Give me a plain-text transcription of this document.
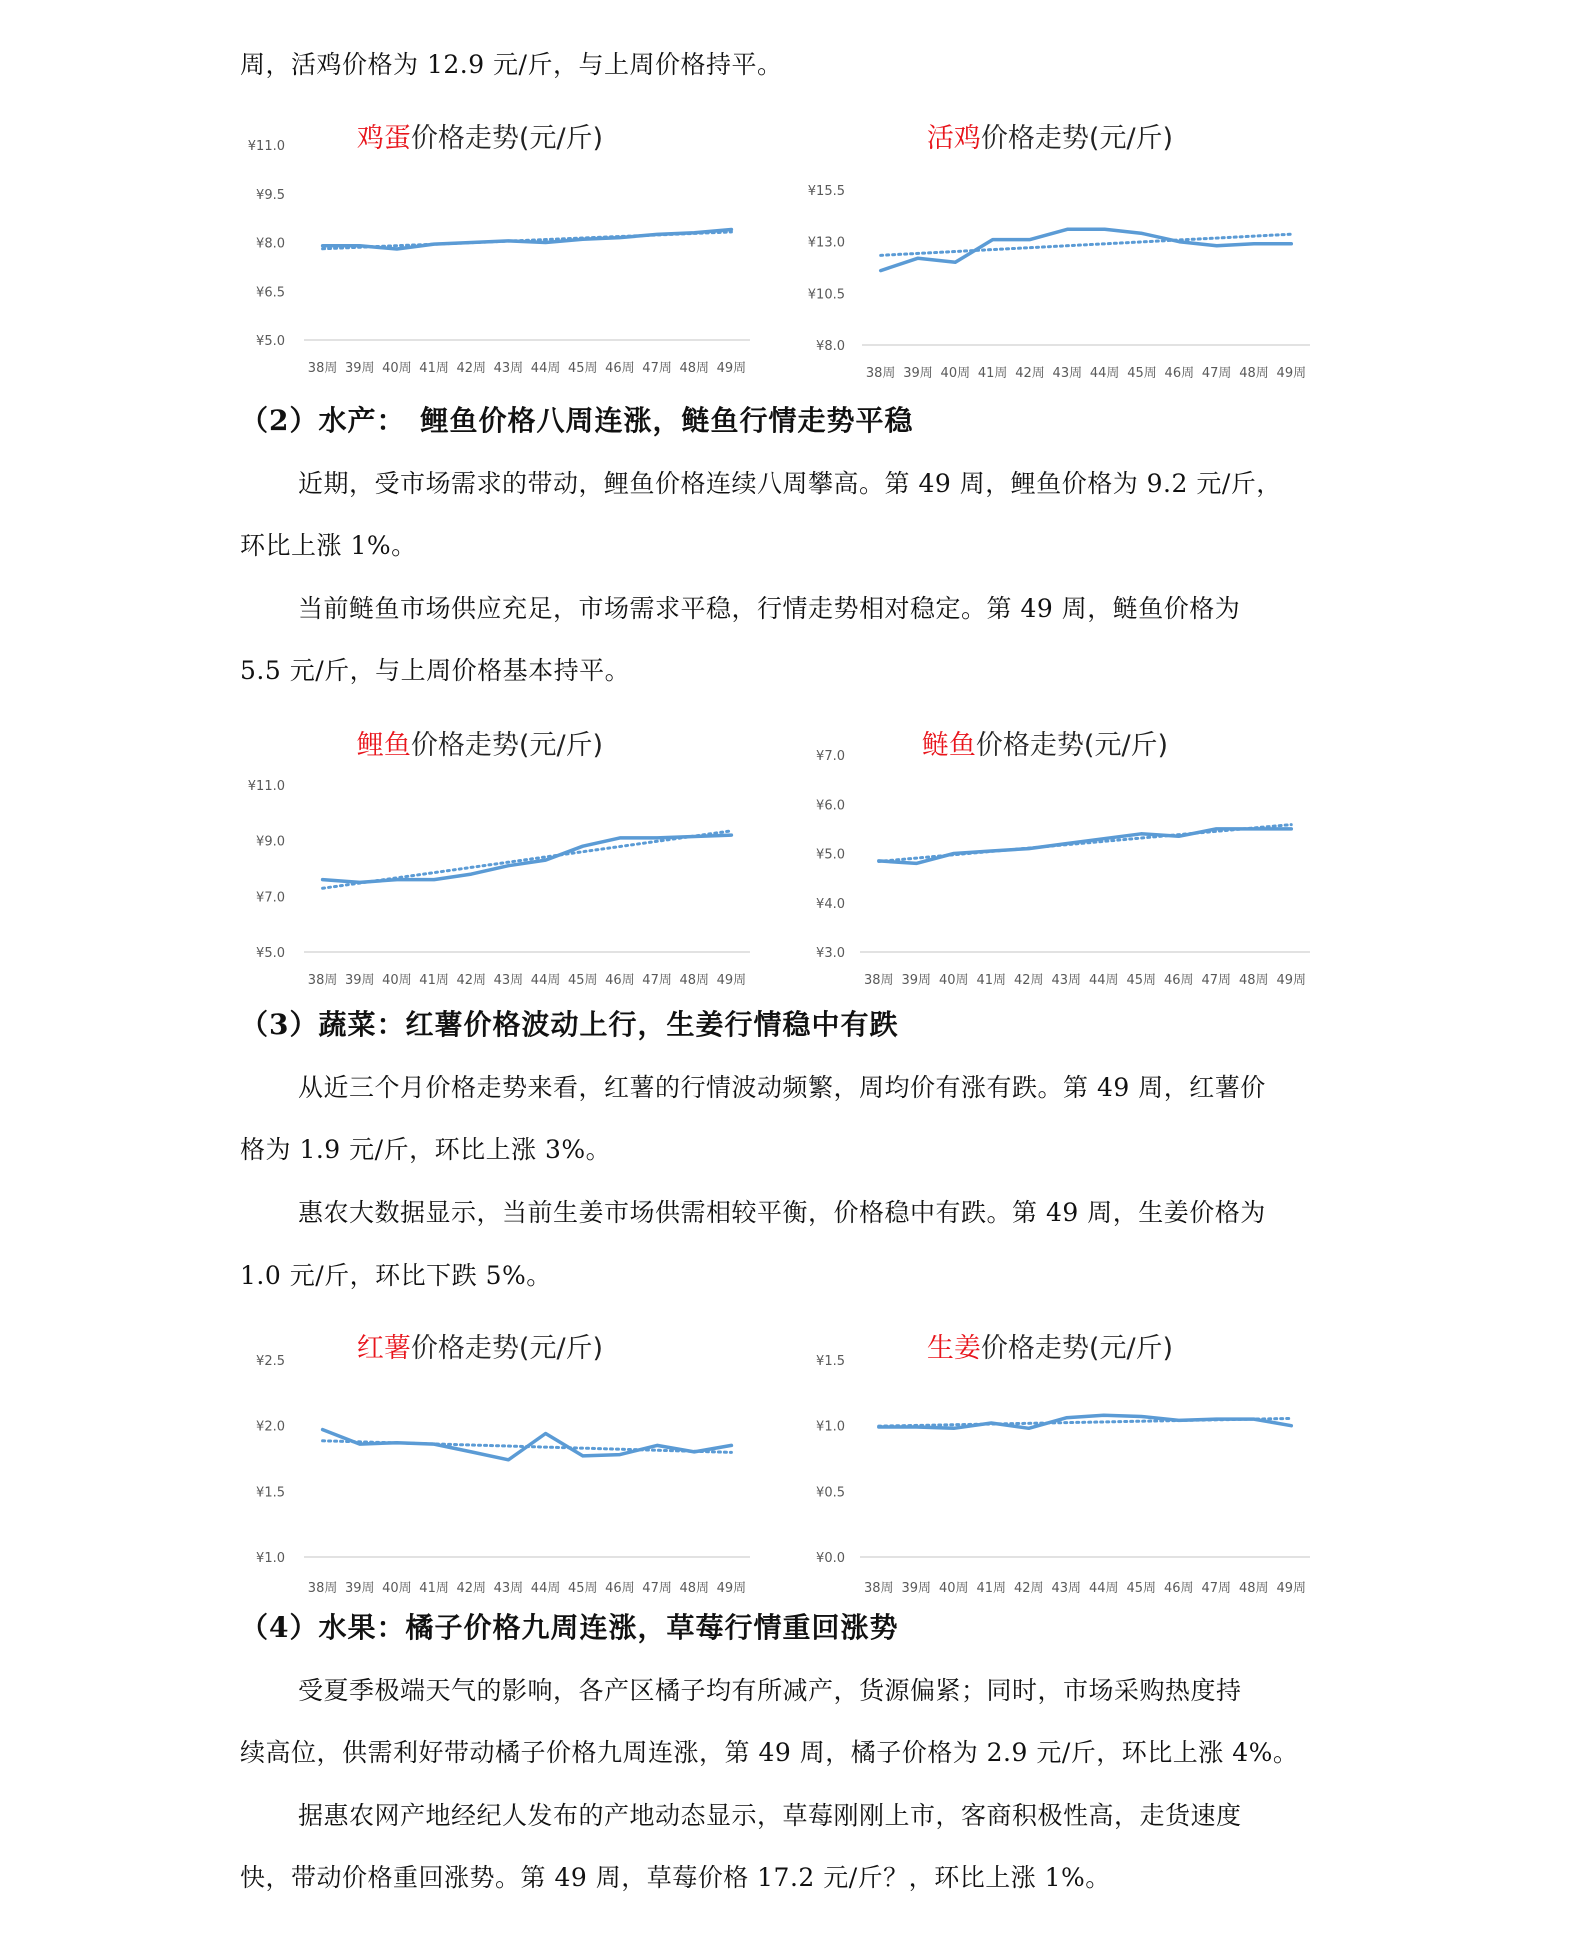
周，活鸡价格为 12.9 元/斤，与上周价格持平。
鸡蛋价格走势(元/斤)
¥11.0
¥9.5
¥8.0
¥6.5
¥5.0
38周 39周 40周 41周 42周 43周 44周 45周 46周 47周 48周 49周
活鸡价格走势(元/斤)
¥15.5
¥13.0
¥10.5
¥8.0
38周 39周 40周 41周 42周 43周 44周 45周 46周 47周 48周 49周
（2）水产：　鲤鱼价格八周连涨，鲢鱼行情走势平稳
近期，受市场需求的带动，鲤鱼价格连续八周攀高。第 49 周，鲤鱼价格为 9.2 元/斤，
环比上涨 1%。
当前鲢鱼市场供应充足，市场需求平稳，行情走势相对稳定。第 49 周，鲢鱼价格为
5.5 元/斤，与上周价格基本持平。
鲤鱼价格走势(元/斤)
¥11.0
¥9.0
¥7.0
¥5.0
38周 39周 40周 41周 42周 43周 44周 45周 46周 47周 48周 49周
鲢鱼价格走势(元/斤)
¥7.0
¥6.0
¥5.0
¥4.0
¥3.0
38周 39周 40周 41周 42周 43周 44周 45周 46周 47周 48周 49周
（3）蔬菜：红薯价格波动上行，生姜行情稳中有跌
从近三个月价格走势来看，红薯的行情波动频繁，周均价有涨有跌。第 49 周，红薯价
格为 1.9 元/斤，环比上涨 3%。
惠农大数据显示，当前生姜市场供需相较平衡，价格稳中有跌。第 49 周，生姜价格为
1.0 元/斤，环比下跌 5%。
红薯价格走势(元/斤)
¥2.5
¥2.0
¥1.5
¥1.0
38周 39周 40周 41周 42周 43周 44周 45周 46周 47周 48周 49周
生姜价格走势(元/斤)
¥1.5
¥1.0
¥0.5
¥0.0
38周 39周 40周 41周 42周 43周 44周 45周 46周 47周 48周 49周
（4）水果：橘子价格九周连涨，草莓行情重回涨势
受夏季极端天气的影响，各产区橘子均有所减产，货源偏紧；同时，市场采购热度持
续高位，供需利好带动橘子价格九周连涨，第 49 周，橘子价格为 2.9 元/斤，环比上涨 4%。
据惠农网产地经纪人发布的产地动态显示，草莓刚刚上市，客商积极性高，走货速度
快，带动价格重回涨势。第 49 周，草莓价格 17.2 元/斤？，环比上涨 1%。
